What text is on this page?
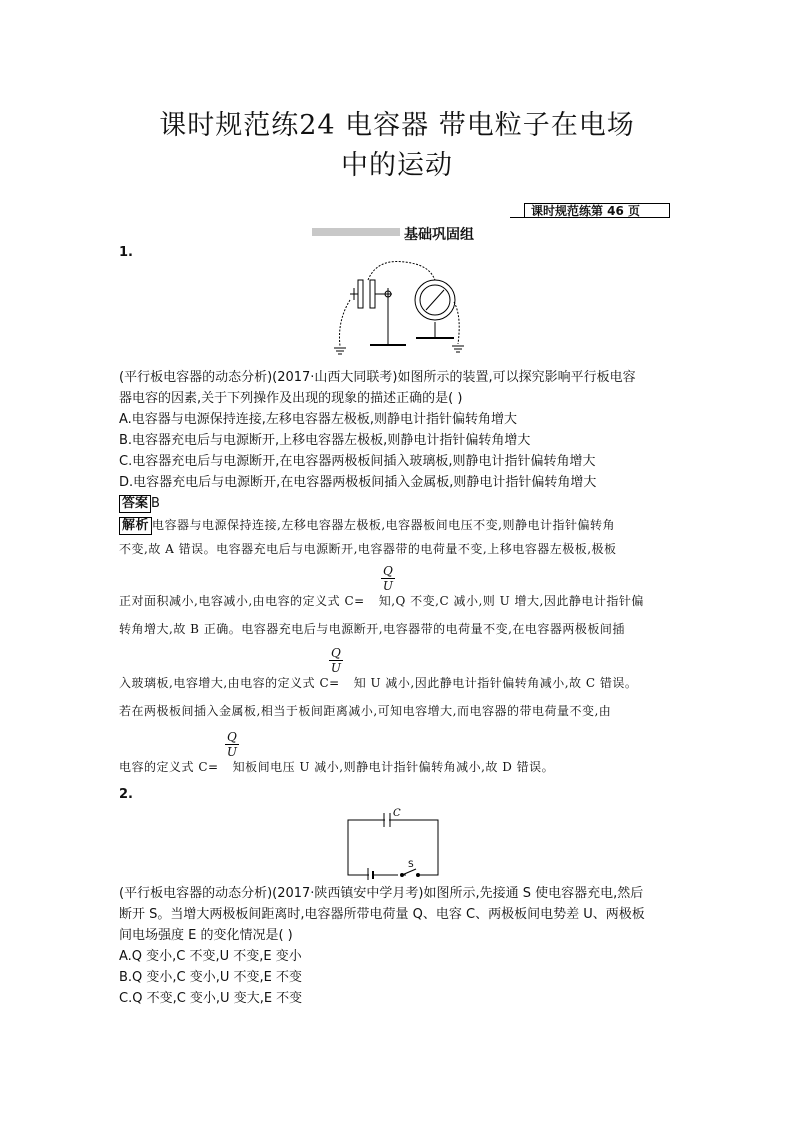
课时规范练24 电容器 带电粒子在电场
中的运动
课时规范练第 46 页
基础巩固组
1.
(平行板电容器的动态分析)(2017·山西大同联考)如图所示的装置,可以探究影响平行板电容
器电容的因素,关于下列操作及出现的现象的描述正确的是( )
A.电容器与电源保持连接,左移电容器左极板,则静电计指针偏转角增大
B.电容器充电后与电源断开,上移电容器左极板,则静电计指针偏转角增大
C.电容器充电后与电源断开,在电容器两极板间插入玻璃板,则静电计指针偏转角增大
D.电容器充电后与电源断开,在电容器两极板间插入金属板,则静电计指针偏转角增大
答案 B
解析 电容器与电源保持连接,左移电容器左极板,电容器板间电压不变,则静电计指针偏转角
不变,故 A 错误。电容器充电后与电源断开,电容器带的电荷量不变,上移电容器左极板,极板
$\frac{Q}{U}$
正对面积减小,电容减小,由电容的定义式 C= 知,Q 不变,C 减小,则 U 增大,因此静电计指针偏
转角增大,故 B 正确。电容器充电后与电源断开,电容器带的电荷量不变,在电容器两极板间插
$\frac{Q}{U}$
入玻璃板,电容增大,由电容的定义式 C= 知 U 减小,因此静电计指针偏转角减小,故 C 错误。
若在两极板间插入金属板,相当于板间距离减小,可知电容增大,而电容器的带电荷量不变,由
$\frac{Q}{U}$
电容的定义式 C= 知板间电压 U 减小,则静电计指针偏转角减小,故 D 错误。
2.
C
S
(平行板电容器的动态分析)(2017·陕西镇安中学月考)如图所示,先接通 S 使电容器充电,然后
断开 S。当增大两极板间距离时,电容器所带电荷量 Q、电容 C、两极板间电势差 U、两极板
间电场强度 E 的变化情况是( )
A.Q 变小,C 不变,U 不变,E 变小
B.Q 变小,C 变小,U 不变,E 不变
C.Q 不变,C 变小,U 变大,E 不变
